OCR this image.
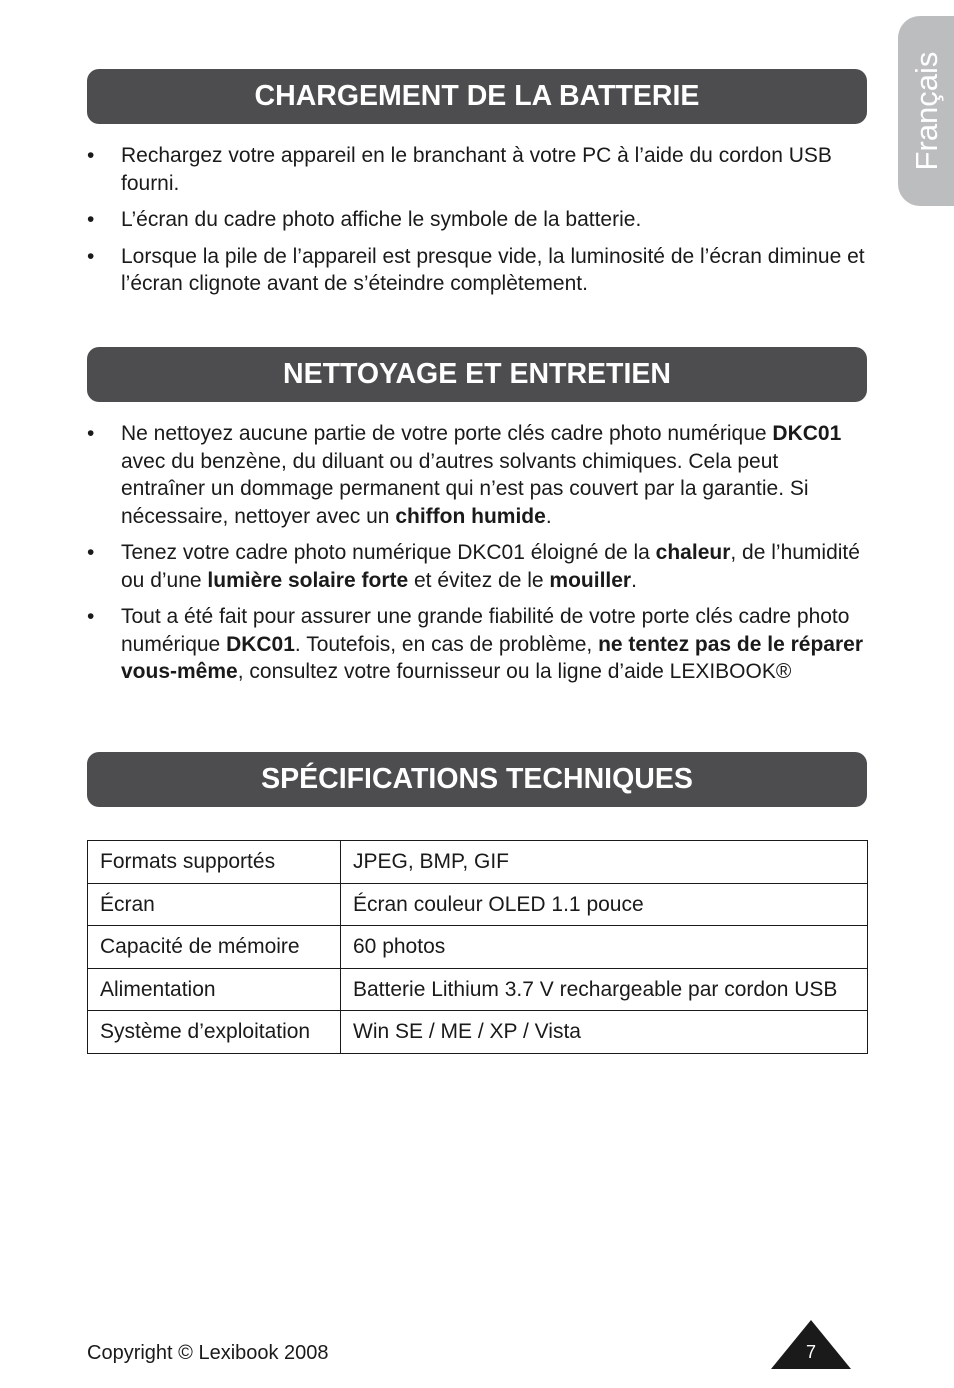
Français
CHARGEMENT DE LA BATTERIE
• Rechargez votre appareil en le branchant à votre PC à l’aide du cordon USB fourni.
• L’écran du cadre photo affiche le symbole de la batterie.
• Lorsque la pile de l’appareil est presque vide, la luminosité de l’écran diminue et l’écran clignote avant de s’éteindre complètement.
NETTOYAGE ET ENTRETIEN
• Ne nettoyez aucune partie de votre porte clés cadre photo numérique DKC01 avec du benzène, du diluant ou d’autres solvants chimiques. Cela peut entraîner un dommage permanent qui n’est pas couvert par la garantie. Si nécessaire, nettoyer avec un chiffon humide.
• Tenez votre cadre photo numérique DKC01 éloigné de la chaleur, de l’humidité ou d’une lumière solaire forte et évitez de le mouiller.
• Tout a été fait pour assurer une grande fiabilité de votre porte clés cadre photo numérique DKC01. Toutefois, en cas de problème, ne tentez pas de le réparer vous-même, consultez votre fournisseur ou la ligne d’aide LEXIBOOK®
SPÉCIFICATIONS TECHNIQUES
Formats supportés	JPEG, BMP, GIF
Écran	Écran couleur OLED 1.1 pouce
Capacité de mémoire	60 photos
Alimentation	Batterie Lithium 3.7 V rechargeable par cordon USB
Système d’exploitation	Win SE / ME / XP / Vista
Copyright © Lexibook 2008	7
